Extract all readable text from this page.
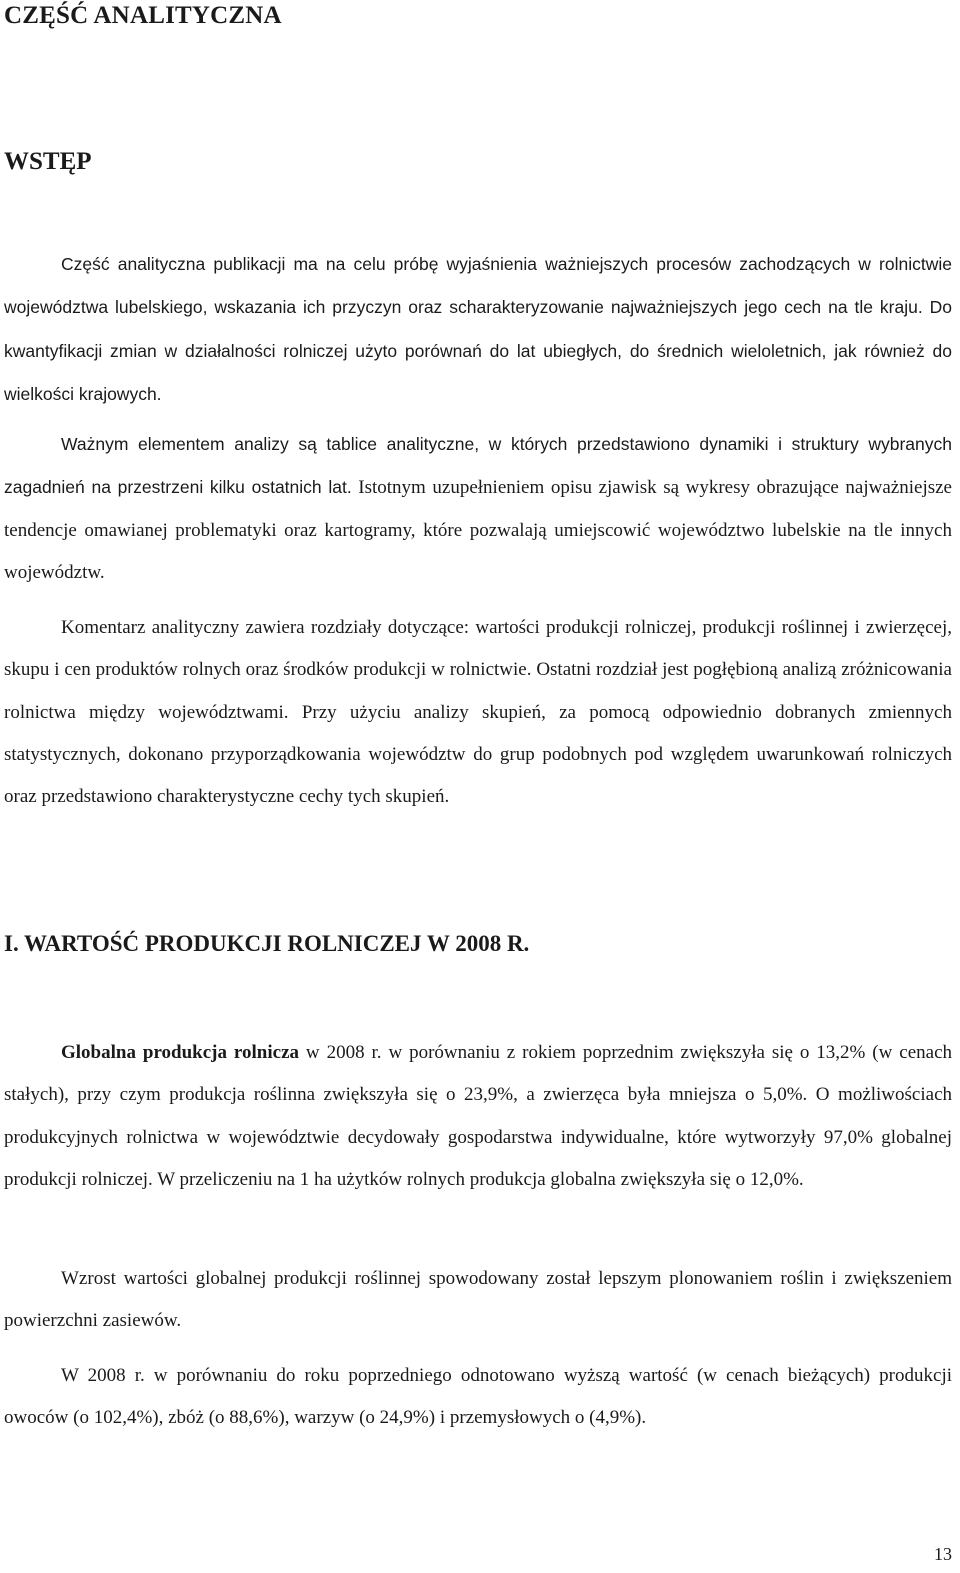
CZĘŚĆ ANALITYCZNA
WSTĘP

Część analityczna publikacji ma na celu próbę wyjaśnienia ważniejszych procesów zachodzących w rolnictwie województwa lubelskiego, wskazania ich przyczyn oraz scharakteryzowanie najważniejszych jego cech na tle kraju. Do kwantyfikacji zmian w działalności rolniczej użyto porównań do lat ubiegłych, do średnich wieloletnich, jak również do wielkości krajowych.

Ważnym elementem analizy są tablice analityczne, w których przedstawiono dynamiki i struktury wybranych zagadnień na przestrzeni kilku ostatnich lat. Istotnym uzupełnieniem opisu zjawisk są wykresy obrazujące najważniejsze tendencje omawianej problematyki oraz kartogramy, które pozwalają umiejscowić województwo lubelskie na tle innych województw.

Komentarz analityczny zawiera rozdziały dotyczące: wartości produkcji rolniczej, produkcji roślinnej i zwierzęcej, skupu i cen produktów rolnych oraz środków produkcji w rolnictwie. Ostatni rozdział jest pogłębioną analizą zróżnicowania rolnictwa między województwami. Przy użyciu analizy skupień, za pomocą odpowiednio dobranych zmiennych statystycznych, dokonano przyporządkowania województw do grup podobnych pod względem uwarunkowań rolniczych oraz przedstawiono charakterystyczne cechy tych skupień.

I. WARTOŚĆ PRODUKCJI ROLNICZEJ W 2008 R.

Globalna produkcja rolnicza w 2008 r. w porównaniu z rokiem poprzednim zwiększyła się o 13,2% (w cenach stałych), przy czym produkcja roślinna zwiększyła się o 23,9%, a zwierzęca była mniejsza o 5,0%. O możliwościach produkcyjnych rolnictwa w województwie decydowały gospodarstwa indywidualne, które wytworzyły 97,0% globalnej produkcji rolniczej. W przeliczeniu na 1 ha użytków rolnych produkcja globalna zwiększyła się o 12,0%.

Wzrost wartości globalnej produkcji roślinnej spowodowany został lepszym plonowaniem roślin i zwiększeniem powierzchni zasiewów.

W 2008 r. w porównaniu do roku poprzedniego odnotowano wyższą wartość (w cenach bieżących) produkcji owoców (o 102,4%), zbóż (o 88,6%), warzyw (o 24,9%) i przemysłowych o (4,9%).

13
